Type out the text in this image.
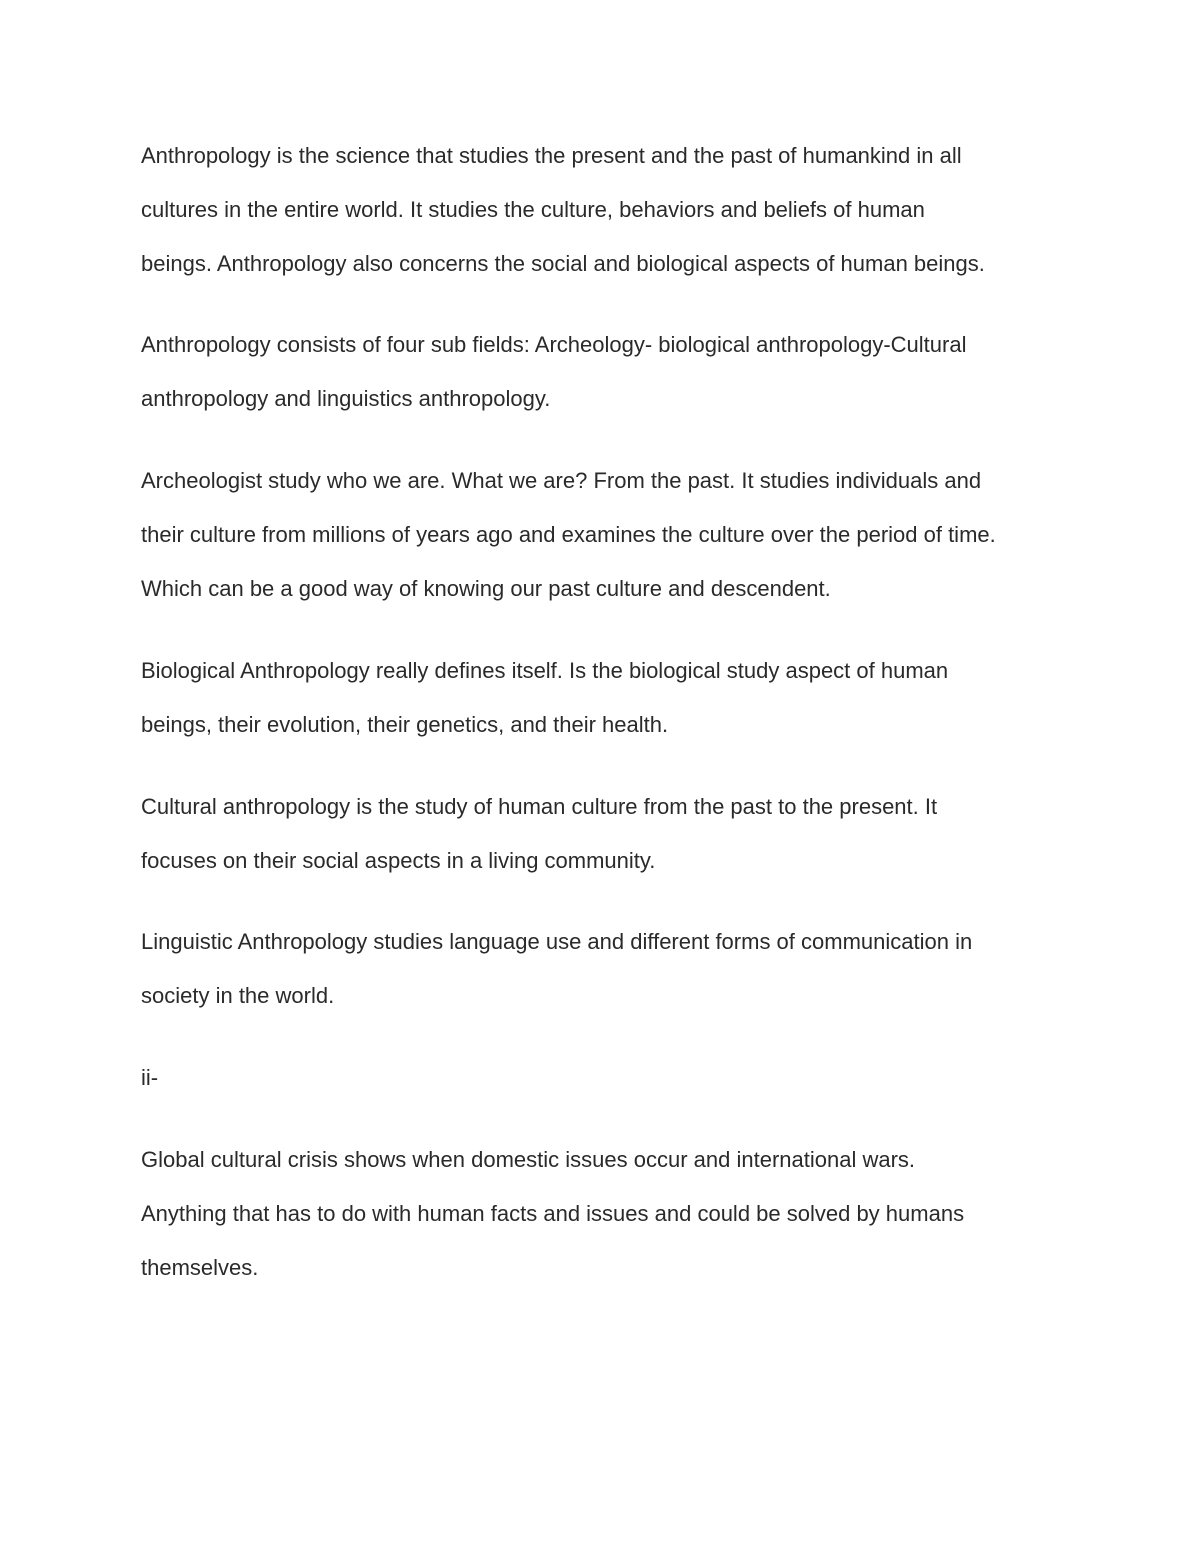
Anthropology is the science that studies the present and the past of humankind in all

cultures in the entire world. It studies the culture, behaviors and beliefs of human

beings. Anthropology also concerns the social and biological aspects of human beings.

Anthropology consists of four sub fields: Archeology- biological anthropology-Cultural

anthropology and linguistics anthropology.

Archeologist study who we are. What we are? From the past. It studies individuals and

their culture from millions of years ago and examines the culture over the period of time.

Which can be a good way of knowing our past culture and descendent.

Biological Anthropology really defines itself. Is the biological study aspect of human

beings, their evolution, their genetics, and their health.

Cultural anthropology is the study of human culture from the past to the present. It

focuses on their social aspects in a living community.

Linguistic Anthropology studies language use and different forms of communication in

society in the world.

ii-

Global cultural crisis shows when domestic issues occur and international wars.

Anything that has to do with human facts and issues and could be solved by humans

themselves.
